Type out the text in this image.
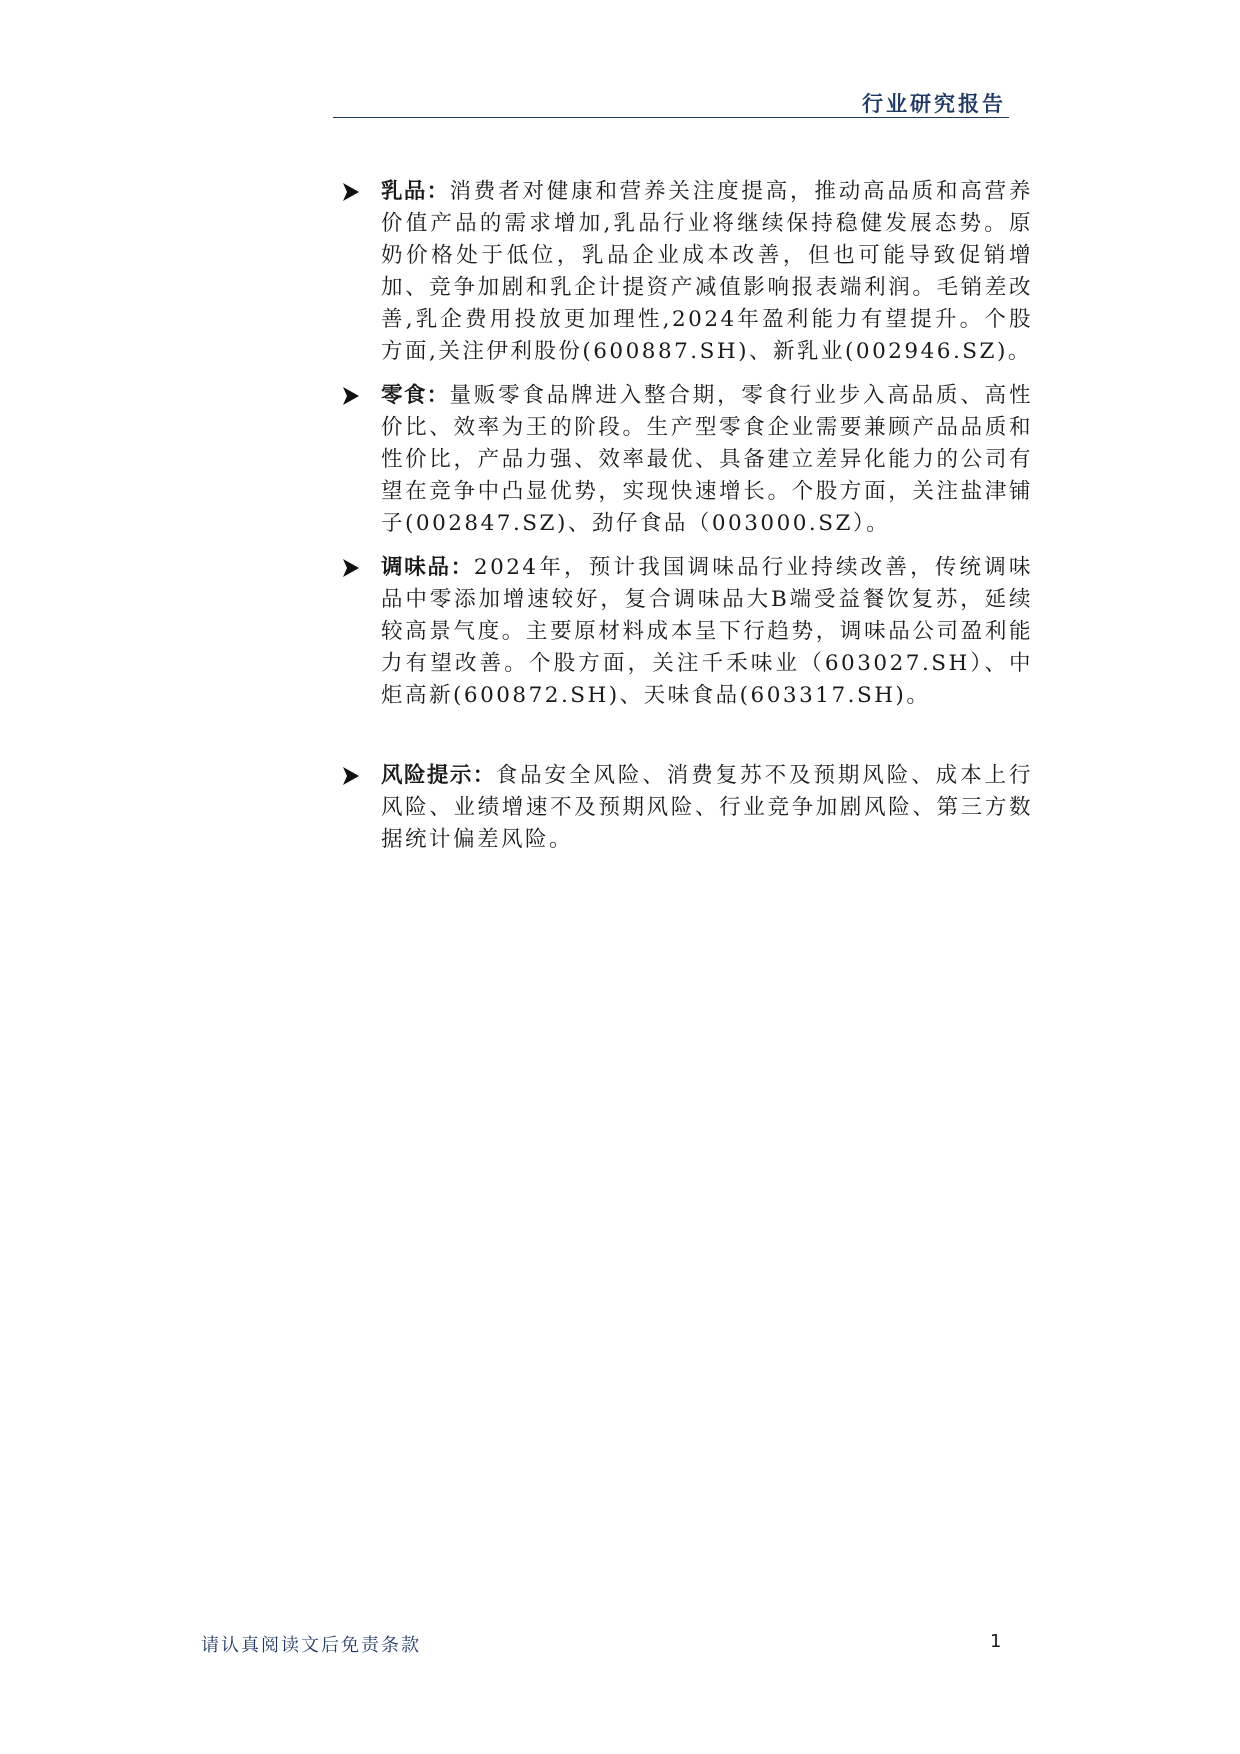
行业研究报告

乳品：消费者对健康和营养关注度提高，推动高品质和高营养价值产品的需求增加,乳品行业将继续保持稳健发展态势。原奶价格处于低位，乳品企业成本改善，但也可能导致促销增加、竞争加剧和乳企计提资产减值影响报表端利润。毛销差改善,乳企费用投放更加理性,2024年盈利能力有望提升。个股方面,关注伊利股份(600887.SH)、新乳业(002946.SZ)。

零食：量贩零食品牌进入整合期，零食行业步入高品质、高性价比、效率为王的阶段。生产型零食企业需要兼顾产品品质和性价比，产品力强、效率最优、具备建立差异化能力的公司有望在竞争中凸显优势，实现快速增长。个股方面，关注盐津铺子(002847.SZ)、劲仔食品（003000.SZ）。

调味品：2024年，预计我国调味品行业持续改善，传统调味品中零添加增速较好，复合调味品大B端受益餐饮复苏，延续较高景气度。主要原材料成本呈下行趋势，调味品公司盈利能力有望改善。个股方面，关注千禾味业（603027.SH）、中炬高新(600872.SH)、天味食品(603317.SH)。

风险提示：食品安全风险、消费复苏不及预期风险、成本上行风险、业绩增速不及预期风险、行业竞争加剧风险、第三方数据统计偏差风险。

请认真阅读文后免责条款	1
